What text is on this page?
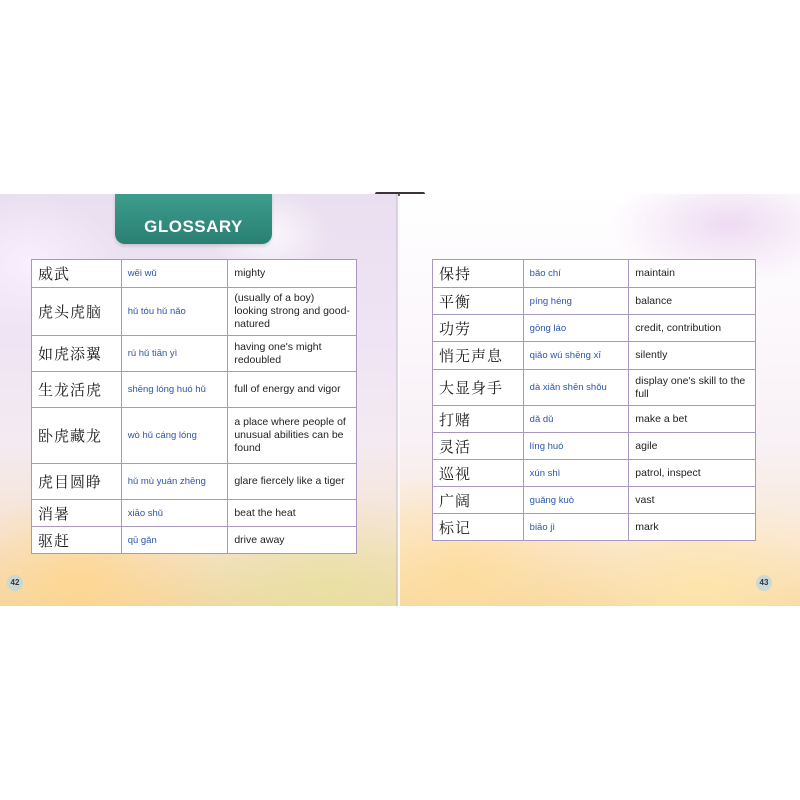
GLOSSARY
威武	wēi wǔ	mighty
虎头虎脑	hǔ tóu hǔ nǎo	(usually of a boy) looking strong and good-natured
如虎添翼	rú hǔ tiān yì	having one's might redoubled
生龙活虎	shēng lóng huó hǔ	full of energy and vigor
卧虎藏龙	wò hǔ cáng lóng	a place where people of unusual abilities can be found
虎目圆睁	hǔ mù yuán zhēng	glare fiercely like a tiger
消暑	xiāo shǔ	beat the heat
驱赶	qū gǎn	drive away
42
保持	bǎo chí	maintain
平衡	píng héng	balance
功劳	gōng láo	credit, contribution
悄无声息	qiǎo wú shēng xī	silently
大显身手	dà xiǎn shēn shǒu	display one's skill to the full
打赌	dǎ dǔ	make a bet
灵活	líng huó	agile
巡视	xún shì	patrol, inspect
广阔	guǎng kuò	vast
标记	biāo jì	mark
43
